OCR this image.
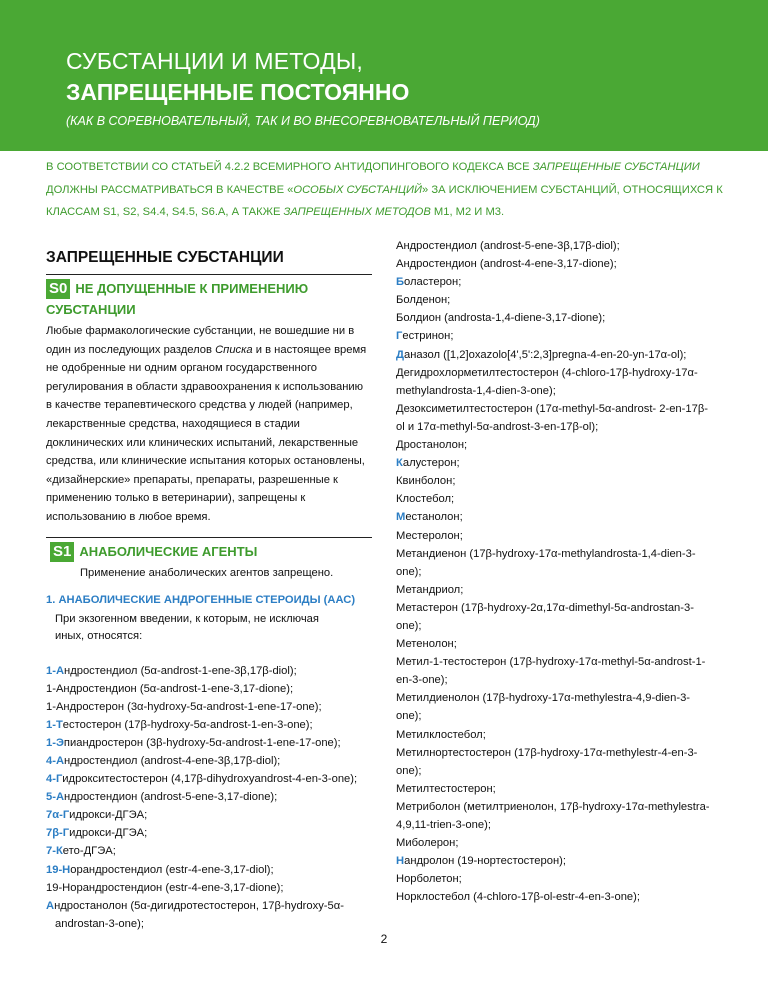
СУБСТАНЦИИ И МЕТОДЫ,
ЗАПРЕЩЕННЫЕ ПОСТОЯННО
(КАК В СОРЕВНОВАТЕЛЬНЫЙ, ТАК И ВО ВНЕСОРЕВНОВАТЕЛЬНЫЙ ПЕРИОД)

В СООТВЕТСТВИИ СО СТАТЬЕЙ 4.2.2 ВСЕМИРНОГО АНТИДОПИНГОВОГО КОДЕКСА ВСЕ ЗАПРЕЩЕННЫЕ СУБСТАНЦИИ ДОЛЖНЫ РАССМАТРИВАТЬСЯ В КАЧЕСТВЕ «ОСОБЫХ СУБСТАНЦИЙ» ЗА ИСКЛЮЧЕНИЕМ СУБСТАНЦИЙ, ОТНОСЯЩИХСЯ К КЛАССАМ S1, S2, S4.4, S4.5, S6.A, А ТАКЖЕ ЗАПРЕЩЕННЫХ МЕТОДОВ M1, M2 И M3.

ЗАПРЕЩЕННЫЕ СУБСТАНЦИИ
S0 НЕ ДОПУЩЕННЫЕ К ПРИМЕНЕНИЮ
СУБСТАНЦИИ
Любые фармакологические субстанции, не вошедшие ни в один из последующих разделов Списка и в настоящее время не одобренные ни одним органом государственного регулирования в области здравоохранения к использованию в качестве терапевтического средства у людей (например, лекарственные средства, находящиеся в стадии доклинических или клинических испытаний, лекарственные средства, или клинические испытания которых остановлены, «дизайнерские» препараты, препараты, разрешенные к применению только в ветеринарии), запрещены к использованию в любое время.
S1 АНАБОЛИЧЕСКИЕ АГЕНТЫ
Применение анаболических агентов запрещено.
1. АНАБОЛИЧЕСКИЕ АНДРОГЕННЫЕ СТЕРОИДЫ (ААС)
При экзогенном введении, к которым, не исключая иных, относятся:
1-Андростендиол (5α-androst-1-ene-3β,17β-diol);
1-Андростендион (5α-androst-1-ene-3,17-dione);
1-Андростерон (3α-hydroxy-5α-androst-1-ene-17-one);
1-Тестостерон (17β-hydroxy-5α-androst-1-en-3-one);
1-Эпиандростерон (3β-hydroxy-5α-androst-1-ene-17-one);
4-Андростендиол (androst-4-ene-3β,17β-diol);
4-Гидрокситестостерон (4,17β-dihydroxyandrost-4-en-3-one);
5-Андростендион (androst-5-ene-3,17-dione);
7α-Гидрокси-ДГЭА;
7β-Гидрокси-ДГЭА;
7-Кето-ДГЭА;
19-Норандростендиол (estr-4-ene-3,17-diol);
19-Норандростендион (estr-4-ene-3,17-dione);
Андростанолон (5α-дигидротестостерон, 17β-hydroxy-5α-
androstan-3-one);
Андростендиол (androst-5-ene-3β,17β-diol);
Андростендион (androst-4-ene-3,17-dione);
Боластерон;
Болденон;
Болдион (androsta-1,4-diene-3,17-dione);
Гестринон;
Даназол ([1,2]oxazolo[4',5':2,3]pregna-4-en-20-yn-17α-ol);
Дегидрохлорметилтестостерон (4-chloro-17β-hydroxy-17α-
methylandrosta-1,4-dien-3-one);
Дезоксиметилтестостерон (17α-methyl-5α-androst- 2-en-17β-
ol и 17α-methyl-5α-androst-3-en-17β-ol);
Дростанолон;
Калустерон;
Квинболон;
Клостебол;
Местанолон;
Местеролон;
Метандиенон (17β-hydroxy-17α-methylandrosta-1,4-dien-3-
one);
Метандриол;
Метастерон (17β-hydroxy-2α,17α-dimethyl-5α-androstan-3-
one);
Метенолон;
Метил-1-тестостерон (17β-hydroxy-17α-methyl-5α-androst-1-
en-3-one);
Метилдиенолон (17β-hydroxy-17α-methylestra-4,9-dien-3-
one);
Метилклостебол;
Метилнортестостерон (17β-hydroxy-17α-methylestr-4-en-3-
one);
Метилтестостерон;
Метриболон (метилтриенолон, 17β-hydroxy-17α-methylestra-
4,9,11-trien-3-one);
Миболерон;
Нандролон (19-нортестостерон);
Норболетон;
Норклостебол (4-chloro-17β-ol-estr-4-en-3-one);
2
